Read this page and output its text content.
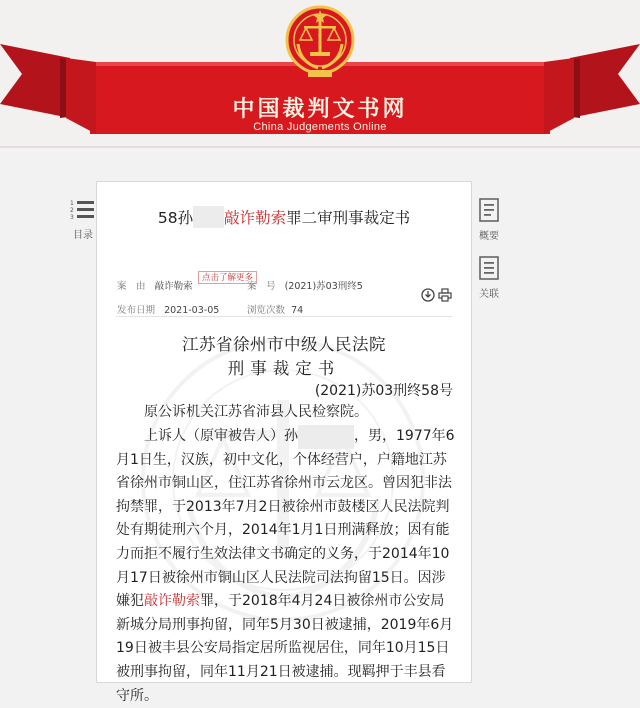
中国裁判文书网
China Judgements Online
1
2
3
目录	概要
关联
58孙 敲诈勒索罪二审刑事裁定书
案　由 敲诈勒索
点击了解更多
案　号 (2021)苏03刑终5
发布日期 2021-03-05	浏览次数 74
江苏省徐州市中级人民法院
刑事裁定书
(2021)苏03刑终58号
原公诉机关江苏省沛县人民检察院。
上诉人（原审被告人）孙	，男，1977年6月1日生，汉族，初中文化，个体经营户，户籍地江苏省徐州市铜山区，住江苏省徐州市云龙区。曾因犯非法拘禁罪，于2013年7月2日被徐州市鼓楼区人民法院判处有期徒刑六个月，2014年1月1日刑满释放；因有能力而拒不履行生效法律文书确定的义务，于2014年10月17日被徐州市铜山区人民法院司法拘留15日。因涉嫌犯敲诈勒索罪，于2018年4月24日被徐州市公安局新城分局刑事拘留，同年5月30日被逮捕，2019年6月19日被丰县公安局指定居所监视居住，同年10月15日被刑事拘留，同年11月21日被逮捕。现羁押于丰县看守所。
